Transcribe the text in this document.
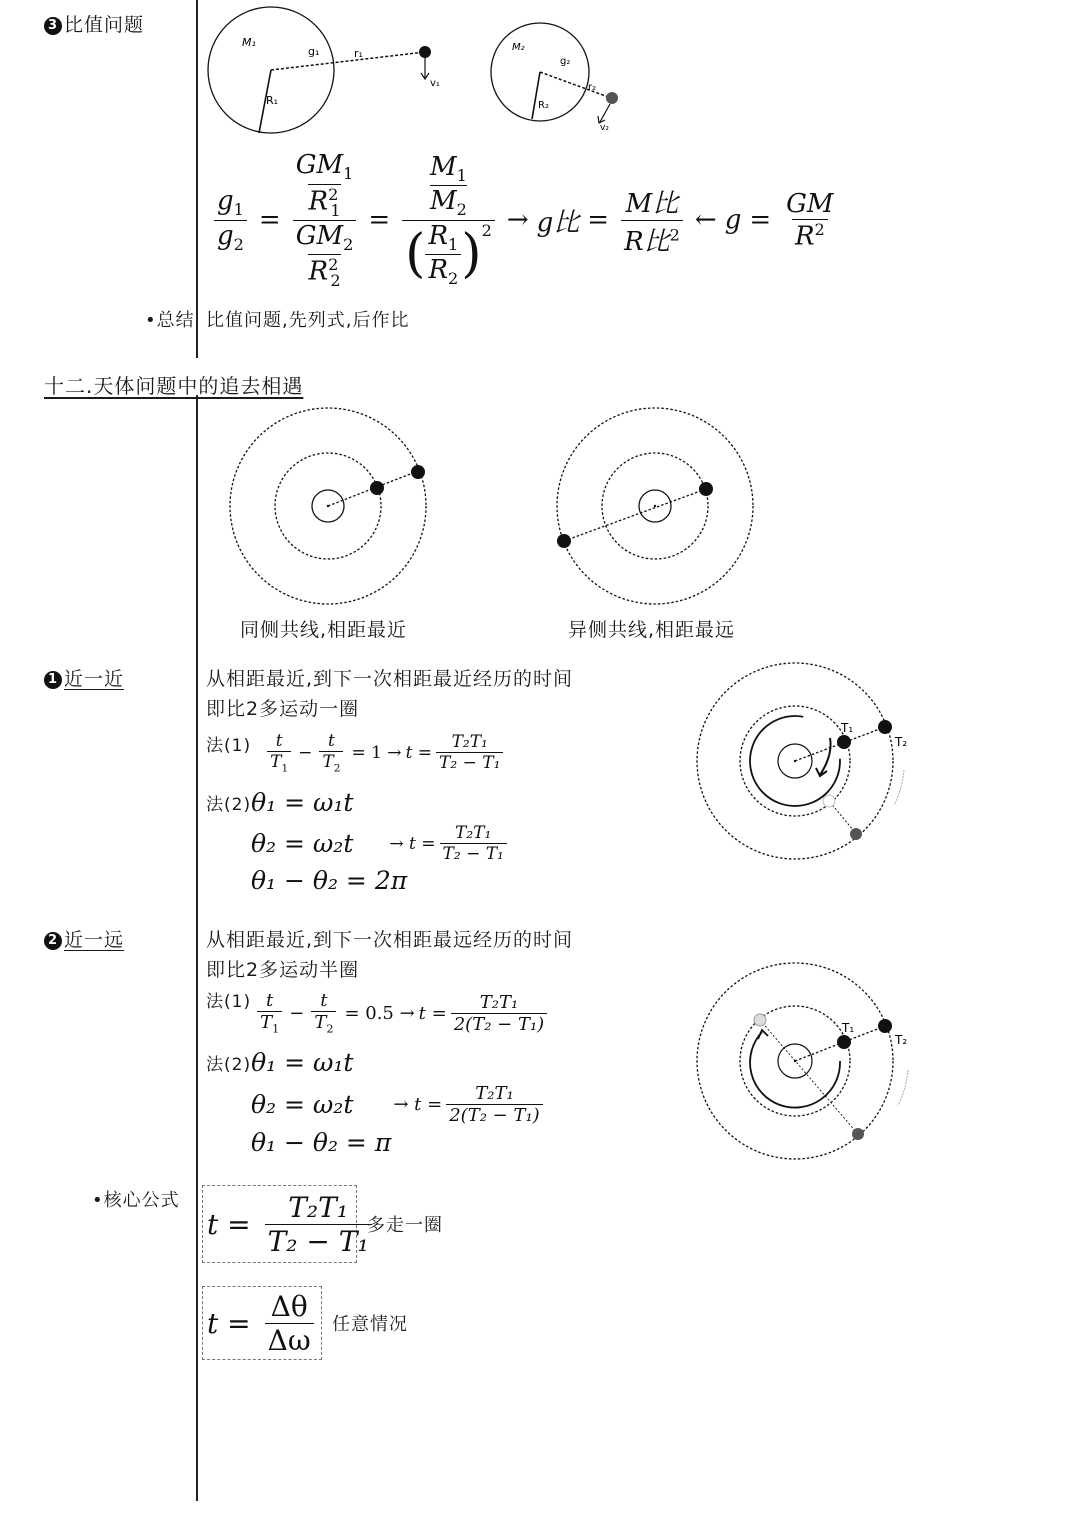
3 比值问题
M₁
g₁	r₁
R₁
v₁
M₂
g₂
r₂
R₂
v₂
$\frac{g_1}{g_2} = GM_1$
$R^2_1$
$GM_2$
$R^2_2 = M_1$
$M_2$
( $\frac{R_1}{R_2} )^2 \to g$比 = $\frac{\text{M比}}{R比^2}$ ← $g = \frac{GM}{R^2}$
•总结 比值问题,先列式,后作比
十二.天体问题中的追去相遇
同侧共线,相距最近	异侧共线,相距最远
1 近一近	从相距最近,到下一次相距最近经历的时间
即比2多运动一圈
法$(1) \frac{t}{T_1} - \frac{t}{T_2} = 1 \to t = \frac{\text{T₂T₁}}{\text{T₂ − T₁}}$
法(2) θ₁ = ω₁t
$\theta_2 = \omega_2t \to t = \frac{\text{T₂T₁}}{\text{T₂ − T₁}}$
θ₁ − θ₂ = 2π
T₁
T₂
2 近一远	从相距最近,到下一次相距最远经历的时间
即比2多运动半圈
法$(1) \frac{t}{T_1} - \frac{t}{T_2} = 0.5 \to t = \frac{\text{T₂T₁}}{\text{2(T₂ − T₁)}}$
法(2) θ₁ = ω₁t
$\theta_2 = \omega_2t \to t = \frac{\text{T₂T₁}}{\text{2(T₂ − T₁)}}$
θ₁ − θ₂ = π
T₁
T₂
•核心公式
$t = \frac{\text{T₂T₁}}{\text{T₂ − T₁}}$
多走一圈
$t = \frac{\Delta\theta}{\Delta\omega}$ 任意情况
